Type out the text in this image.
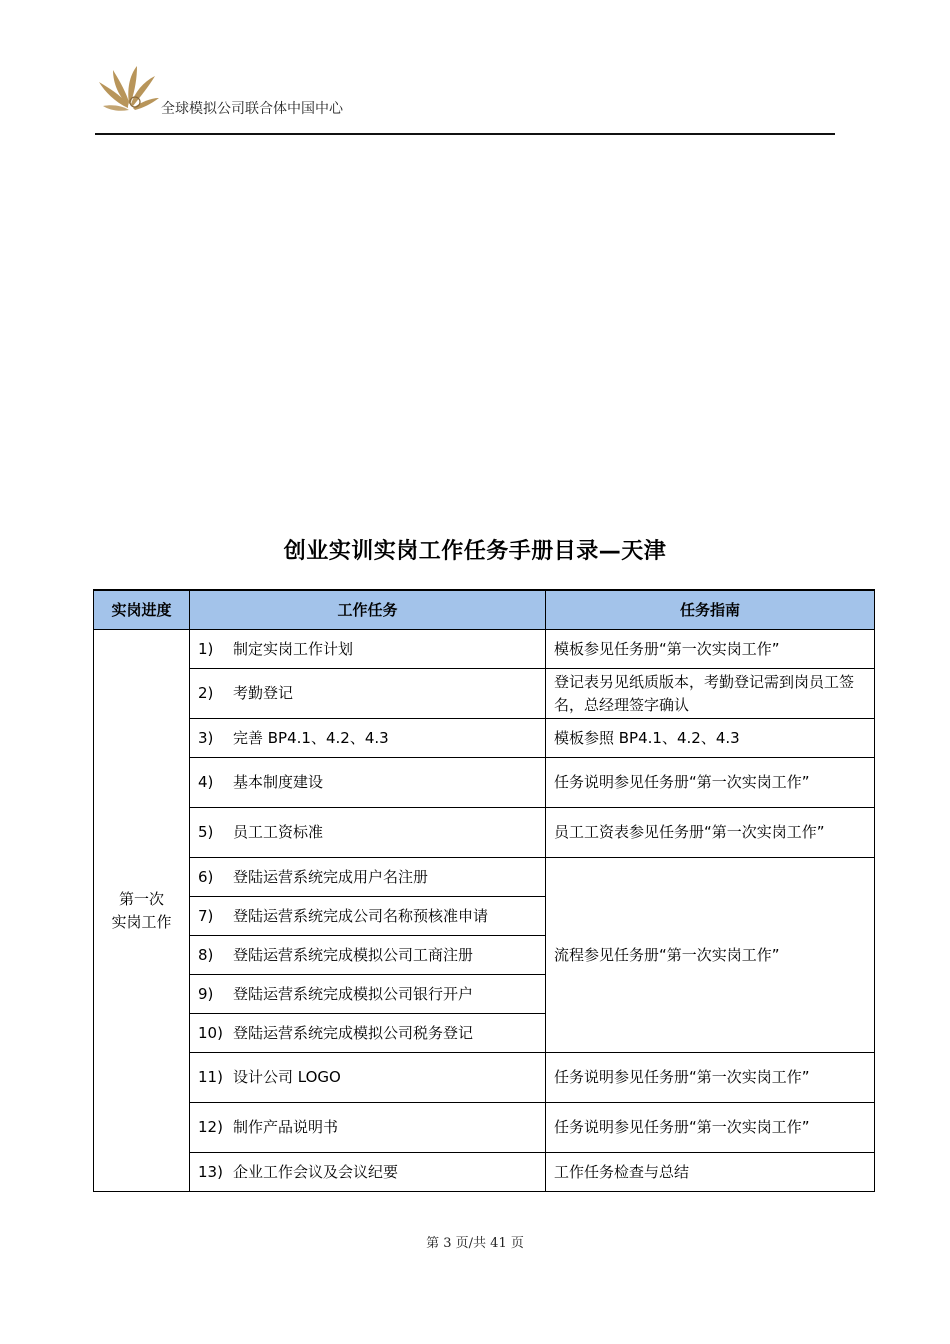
全球模拟公司联合体中国中心
创业实训实岗工作任务手册目录—天津
实岗进度	工作任务	任务指南
第一次
实岗工作	1) 制定实岗工作计划	模板参见任务册“第一次实岗工作”
	2) 考勤登记	登记表另见纸质版本，考勤登记需到岗员工签名，总经理签字确认
	3) 完善 BP4.1、4.2、4.3	模板参照 BP4.1、4.2、4.3
	4) 基本制度建设	任务说明参见任务册“第一次实岗工作”
	5) 员工工资标准	员工工资表参见任务册“第一次实岗工作”
	6) 登陆运营系统完成用户名注册	流程参见任务册“第一次实岗工作”
	7) 登陆运营系统完成公司名称预核准申请	
	8) 登陆运营系统完成模拟公司工商注册	
	9) 登陆运营系统完成模拟公司银行开户	
	10) 登陆运营系统完成模拟公司税务登记	
	11) 设计公司 LOGO	任务说明参见任务册“第一次实岗工作”
	12) 制作产品说明书	任务说明参见任务册“第一次实岗工作”
	13) 企业工作会议及会议纪要	工作任务检查与总结
第 3 页/共 41 页
